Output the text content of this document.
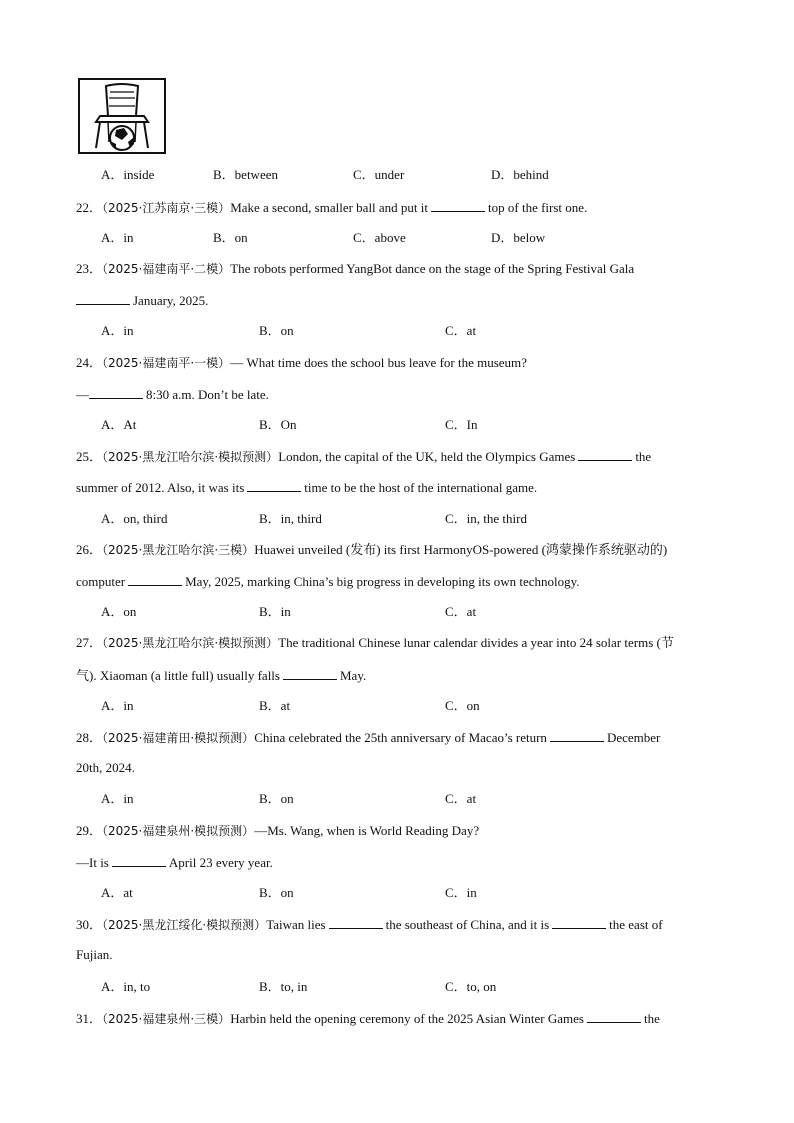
A．inside	B．between	C．under	D．behind
22．（2025·江苏南京·三模）Make a second, smaller ball and put it	top of the first one.
A．in	B．on	C．above	D．below
23．（2025·福建南平·二模）The robots performed YangBot dance on the stage of the Spring Festival Gala
January, 2025.
A．in	B．on	C．at
24．（2025·福建南平·一模）— What time does the school bus leave for the museum?
—	8:30 a.m. Don’t be late.
A．At	B．On	C．In
25．（2025·黑龙江哈尔滨·模拟预测）London, the capital of the UK, held the Olympics Games	the
summer of 2012. Also, it was its	time to be the host of the international game.
A．on, third	B．in, third	C．in, the third
26．（2025·黑龙江哈尔滨·三模）Huawei unveiled (发布) its first HarmonyOS-powered (鸿蒙操作系统驱动的)
computer	May, 2025, marking China’s big progress in developing its own technology.
A．on	B．in	C．at
27．（2025·黑龙江哈尔滨·模拟预测）The traditional Chinese lunar calendar divides a year into 24 solar terms (节
气). Xiaoman (a little full) usually falls	May.
A．in	B．at	C．on
28．（2025·福建莆田·模拟预测）China celebrated the 25th anniversary of Macao’s return	December
20th, 2024.
A．in	B．on	C．at
29．（2025·福建泉州·模拟预测）—Ms. Wang, when is World Reading Day?
—It is	April 23 every year.
A．at	B．on	C．in
30．（2025·黑龙江绥化·模拟预测）Taiwan lies	the southeast of China, and it is	the east of
Fujian.
A．in, to	B．to, in	C．to, on
31．（2025·福建泉州·三模）Harbin held the opening ceremony of the 2025 Asian Winter Games	the
